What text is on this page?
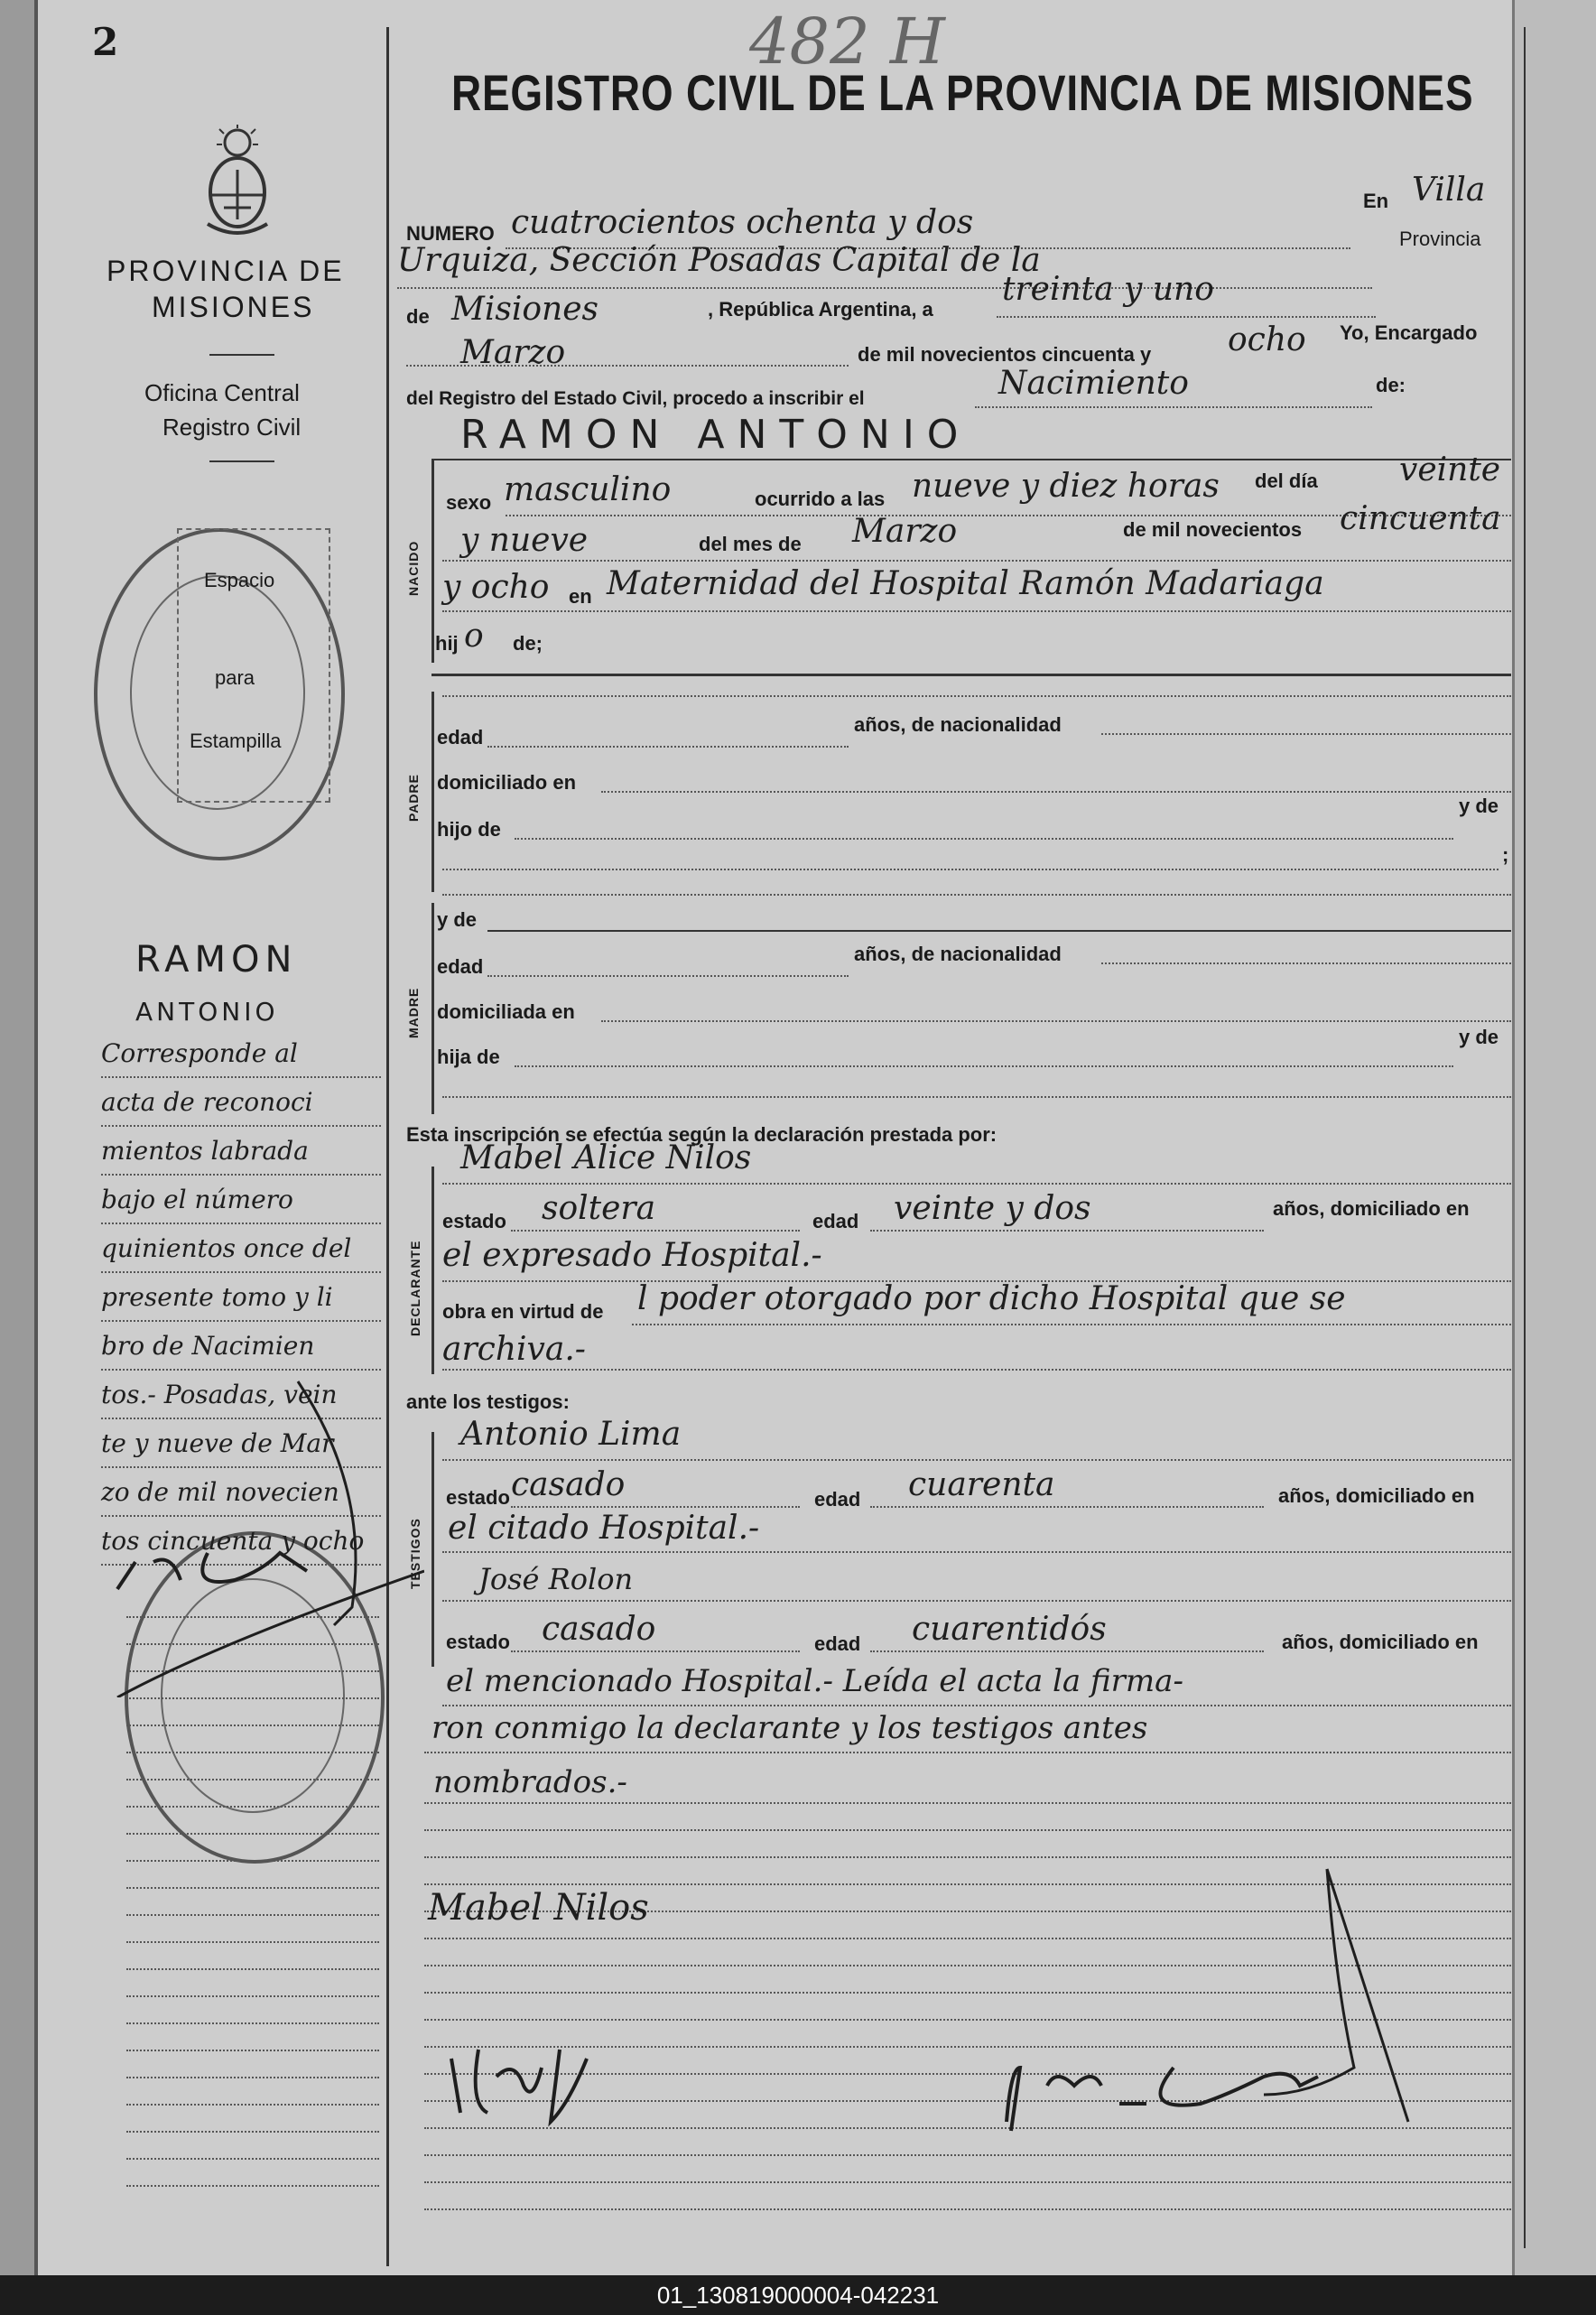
2	482 H
PROVINCIA DE
MISIONES
Oficina Central
Registro Civil
Espacio
para
Estampilla
RAMON
ANTONIO
Corresponde al
acta de reconoci
mientos labrada
bajo el número
quinientos once del
presente tomo y li
bro de Nacimien
tos.- Posadas, vein
te y nueve de Mar
zo de mil novecien
tos cincuenta y ocho
REGISTRO CIVIL DE LA PROVINCIA DE MISIONES
NUMERO cuatrocientos ochenta y dos
En Villa
Urquiza, Sección Posadas Capital de la
Provincia
de Misiones	, República Argentina, a
treinta y uno
Marzo	de mil novecientos cincuenta y ocho Yo, Encargado
del Registro del Estado Civil, procedo a inscribir el	Nacimiento	de:
RAMON ANTONIO
NACIDO
sexo masculino	ocurrido a las nueve y diez horas del día	veinte
y nueve	del mes de Marzo	de mil novecientos cincuenta
y ocho en Maternidad del Hospital Ramón Madariaga
hij o de;
PADRE
edad
años, de nacionalidad
domiciliado en
hijo de
y de
;
MADRE
y de
edad
años, de nacionalidad
domiciliada en
hija de
y de
Esta inscripción se efectúa según la declaración prestada por:
DECLARANTE
Mabel Alice Nilos
estado soltera	edad veinte y dos	años, domiciliado en
el expresado Hospital.-
obra en virtud de l poder otorgado por dicho Hospital que se
archiva.-
ante los testigos:
TESTIGOS
Antonio Lima
estado casado	edad cuarenta	años, domiciliado en
el citado Hospital.-
José Rolon
estado casado	edad cuarentidós	años, domiciliado en
el mencionado Hospital.- Leída el acta la firma-
ron conmigo la declarante y los testigos antes
nombrados.-
Mabel Nilos
01_130819000004-042231
